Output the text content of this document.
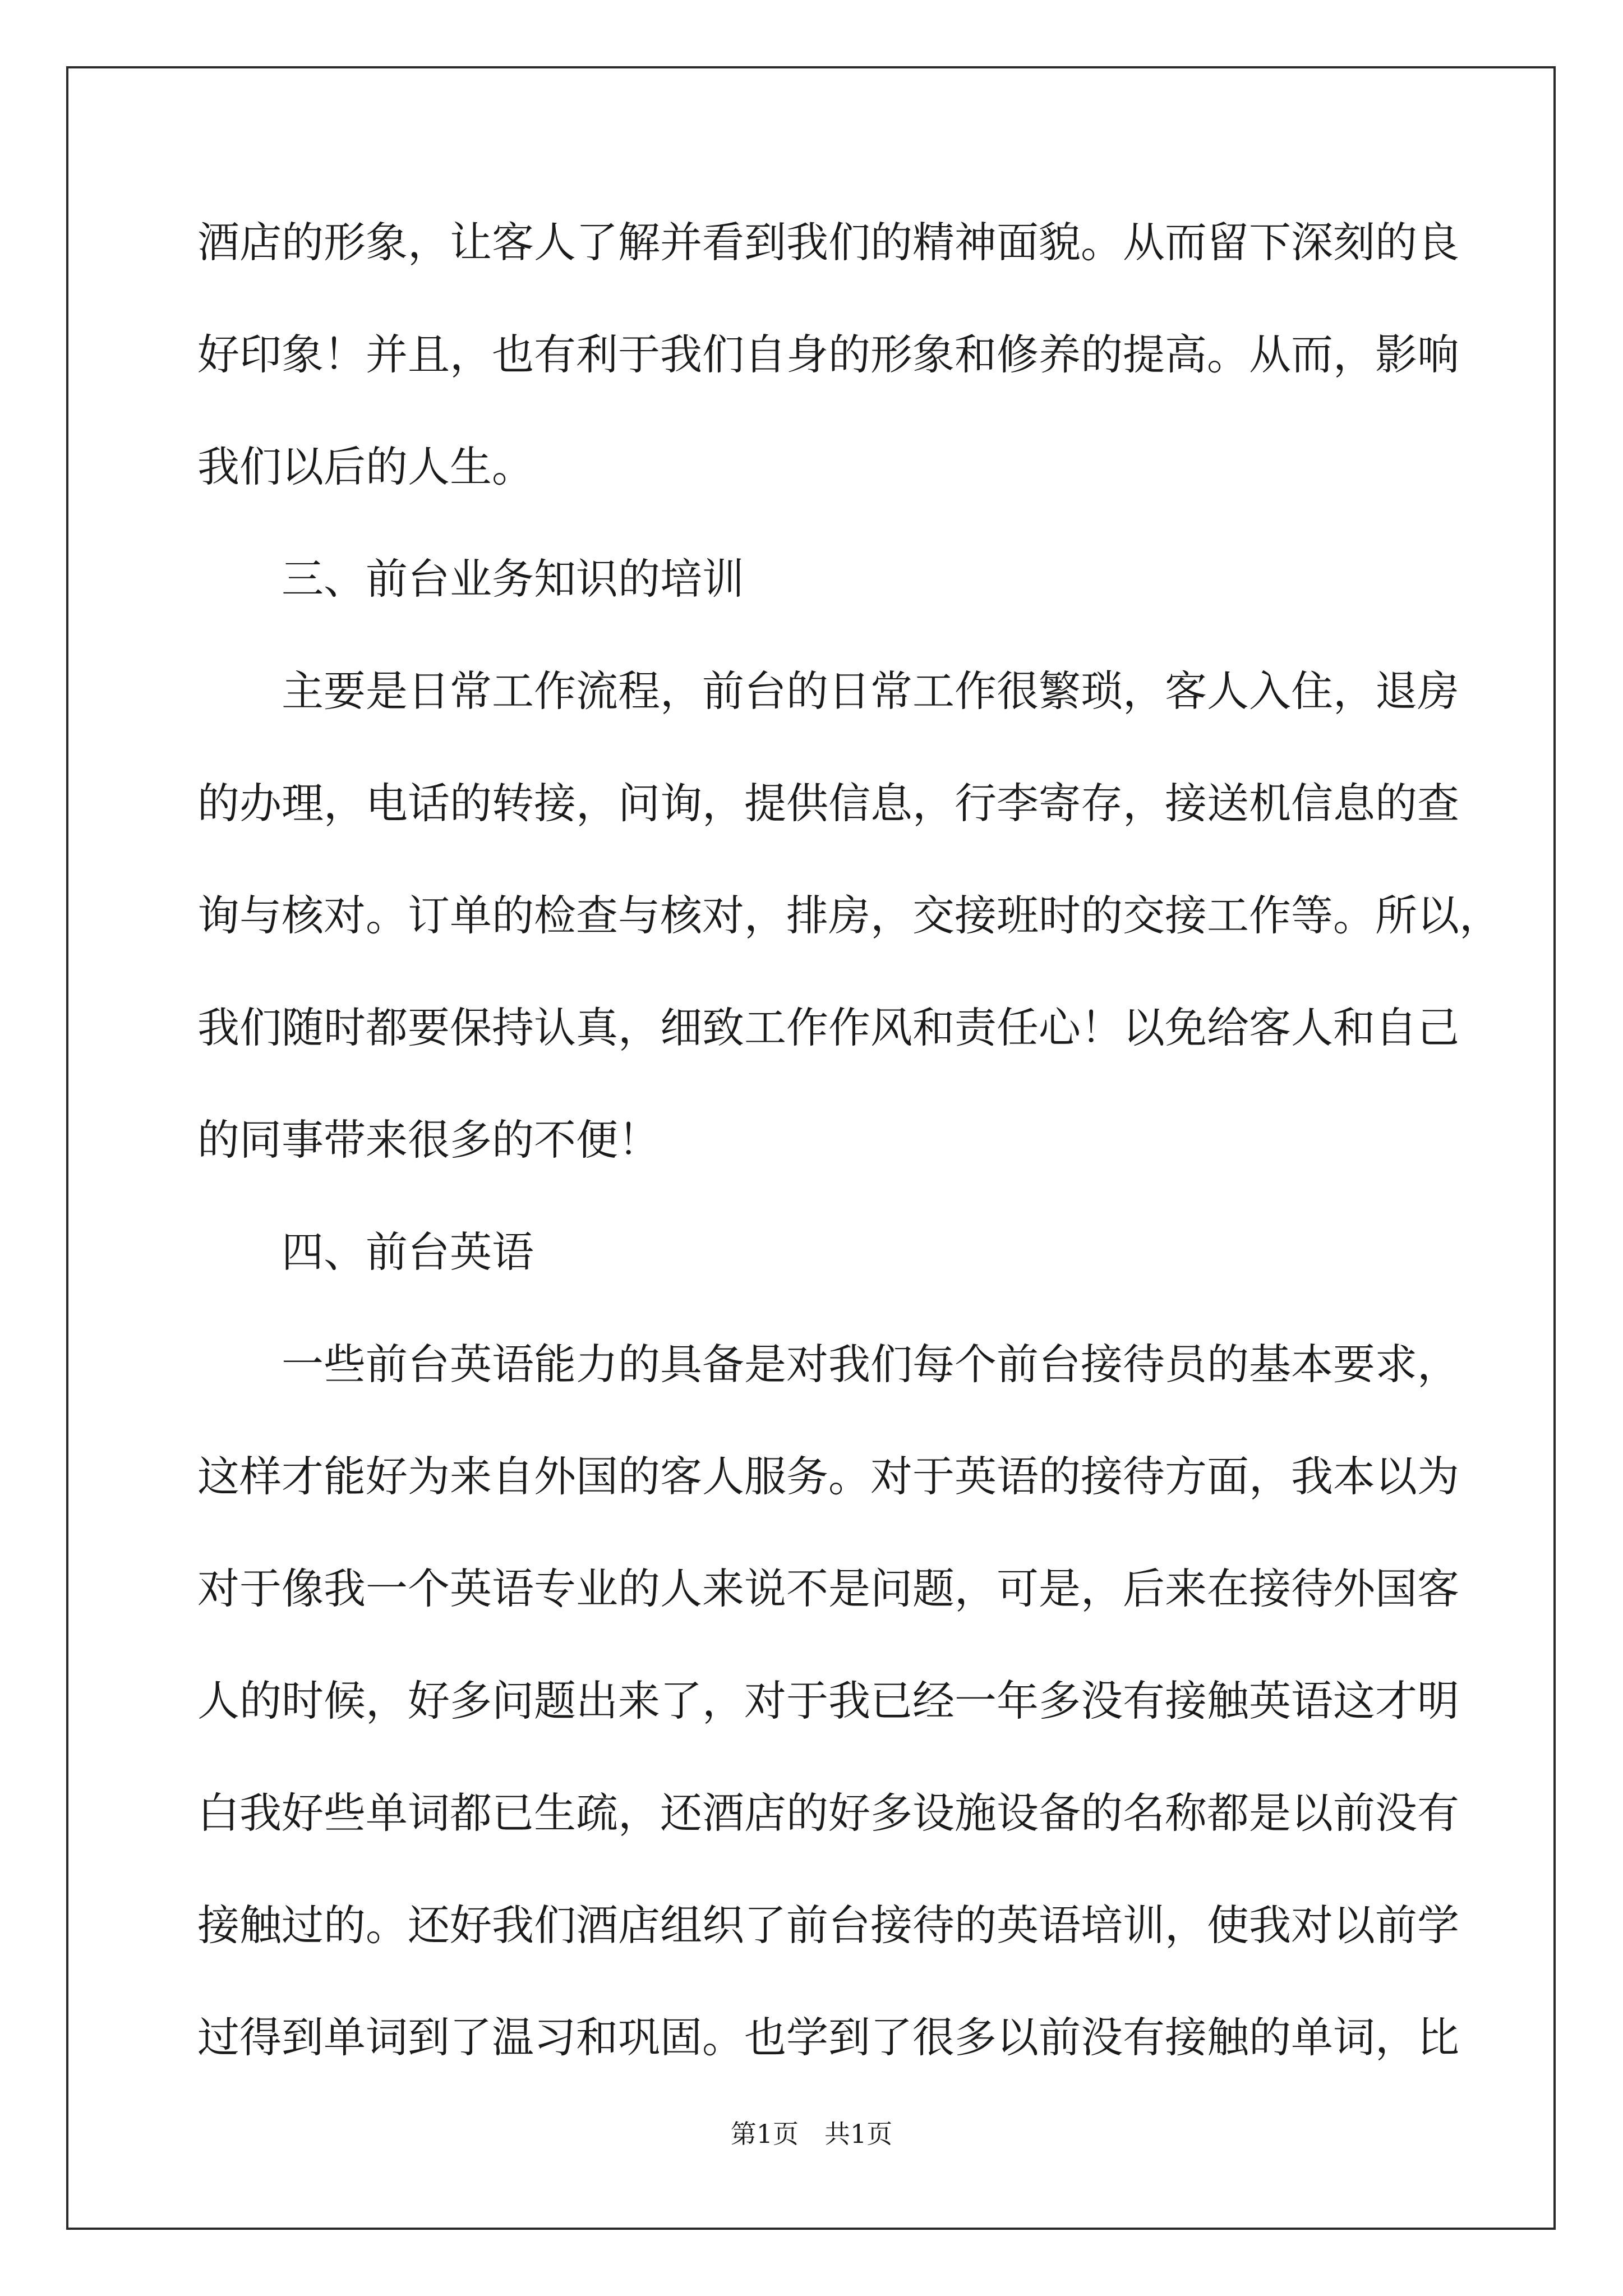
酒店的形象，让客人了解并看到我们的精神面貌。从而留下深刻的良
好印象！并且，也有利于我们自身的形象和修养的提高。从而，影响
我们以后的人生。
　　三、前台业务知识的培训
　　主要是日常工作流程，前台的日常工作很繁琐，客人入住，退房
的办理，电话的转接，问询，提供信息，行李寄存，接送机信息的查
询与核对。订单的检查与核对，排房，交接班时的交接工作等。所以，
我们随时都要保持认真，细致工作作风和责任心！以免给客人和自己
的同事带来很多的不便！
　　四、前台英语
　　一些前台英语能力的具备是对我们每个前台接待员的基本要求，
这样才能好为来自外国的客人服务。对于英语的接待方面，我本以为
对于像我一个英语专业的人来说不是问题，可是，后来在接待外国客
人的时候，好多问题出来了，对于我已经一年多没有接触英语这才明
白我好些单词都已生疏，还酒店的好多设施设备的名称都是以前没有
接触过的。还好我们酒店组织了前台接待的英语培训，使我对以前学
过得到单词到了温习和巩固。也学到了很多以前没有接触的单词，比
第1页　共1页
